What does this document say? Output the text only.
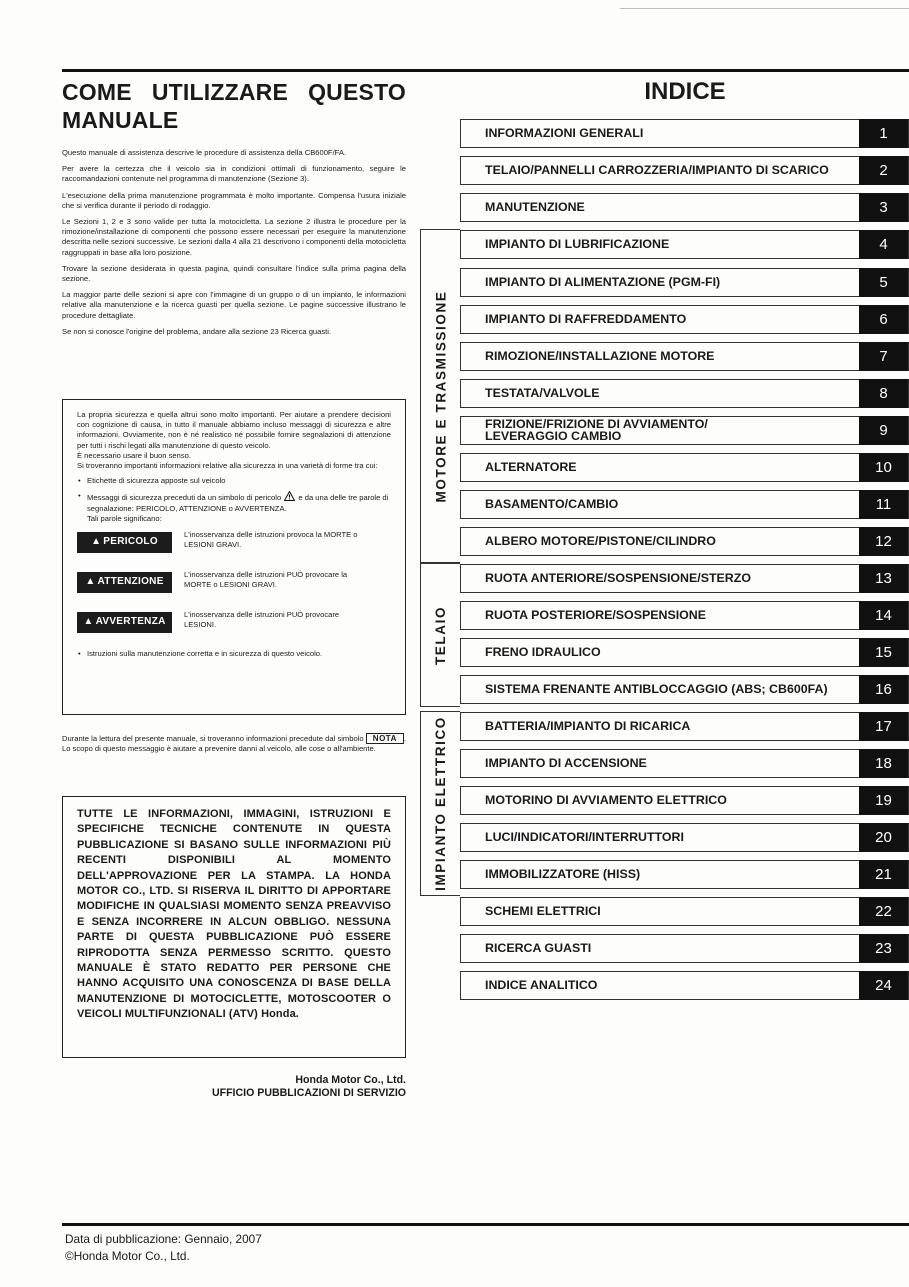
COME UTILIZZARE QUESTO MANUALE

Questo manuale di assistenza descrive le procedure di assistenza della CB600F/FA.

Per avere la certezza che il veicolo sia in condizioni ottimali di funzionamento, seguire le raccomandazioni contenute nel programma di manutenzione (Sezione 3).

L'esecuzione della prima manutenzione programmata è molto importante. Compensa l'usura iniziale che si verifica durante il periodo di rodaggio.

Le Sezioni 1, 2 e 3 sono valide per tutta la motocicletta. La sezione 2 illustra le procedure per la rimozione/installazione di componenti che possono essere necessari per eseguire la manutenzione descritta nelle sezioni successive. Le sezioni dalla 4 alla 21 descrivono i componenti della motocicletta raggruppati in base alla loro posizione.

Trovare la sezione desiderata in questa pagina, quindi consultare l'indice sulla prima pagina della sezione.

La maggior parte delle sezioni si apre con l'immagine di un gruppo o di un impianto, le informazioni relative alla manutenzione e la ricerca guasti per quella sezione. Le pagine successive illustrano le procedure dettagliate.

Se non si conosce l'origine del problema, andare alla sezione 23 Ricerca guasti.

La propria sicurezza e quella altrui sono molto importanti. Per aiutare a prendere decisioni con cognizione di causa, in tutto il manuale abbiamo incluso messaggi di sicurezza e altre informazioni. Ovviamente, non è né realistico né possibile fornire segnalazioni di attenzione per tutti i rischi legati alla manutenzione di questo veicolo.

È necessario usare il buon senso.

Si troveranno importanti informazioni relative alla sicurezza in una varietà di forme tra cui:

• Etichette di sicurezza apposte sul veicolo
• Messaggi di sicurezza preceduti da un simbolo di pericolo e da una delle tre parole di segnalazione: PERICOLO, ATTENZIONE o AVVERTENZA.
Tali parole significano:
▲ PERICOLO
L'inosservanza delle istruzioni provoca la MORTE o LESIONI GRAVI.
▲ ATTENZIONE
L'inosservanza delle istruzioni PUÒ provocare la MORTE o LESIONI GRAVI.
▲ AVVERTENZA
L'inosservanza delle istruzioni PUÒ provocare LESIONI.
• Istruzioni sulla manutenzione corretta e in sicurezza di questo veicolo.
Durante la lettura del presente manuale, si troveranno informazioni precedute dal simbolo NOTA . Lo scopo di questo messaggio è aiutare a prevenire danni al veicolo, alle cose o all'ambiente.
TUTTE LE INFORMAZIONI, IMMAGINI, ISTRUZIONI E SPECIFICHE TECNICHE CONTENUTE IN QUESTA PUBBLICAZIONE SI BASANO SULLE INFORMAZIONI PIÙ RECENTI DISPONIBILI AL MOMENTO DELL'APPROVAZIONE PER LA STAMPA. LA HONDA MOTOR CO., LTD. SI RISERVA IL DIRITTO DI APPORTARE MODIFICHE IN QUALSIASI MOMENTO SENZA PREAVVISO E SENZA INCORRERE IN ALCUN OBBLIGO. NESSUNA PARTE DI QUESTA PUBBLICAZIONE PUÒ ESSERE RIPRODOTTA SENZA PERMESSO SCRITTO. QUESTO MANUALE È STATO REDATTO PER PERSONE CHE HANNO ACQUISITO UNA CONOSCENZA DI BASE DELLA MANUTENZIONE DI MOTOCICLETTE, MOTOSCOOTER O VEICOLI MULTIFUNZIONALI (ATV) Honda.
Honda Motor Co., Ltd.
UFFICIO PUBBLICAZIONI DI SERVIZIO
INDICE
MOTORE E TRASMISSIONE
TELAIO
IMPIANTO ELETTRICO
INFORMAZIONI GENERALI	1
TELAIO/PANNELLI CARROZZERIA/IMPIANTO DI SCARICO	2
MANUTENZIONE	3
IMPIANTO DI LUBRIFICAZIONE	4
IMPIANTO DI ALIMENTAZIONE (PGM-FI)	5
IMPIANTO DI RAFFREDDAMENTO	6
RIMOZIONE/INSTALLAZIONE MOTORE	7
TESTATA/VALVOLE	8
FRIZIONE/FRIZIONE DI AVVIAMENTO/
LEVERAGGIO CAMBIO	9
ALTERNATORE	10
BASAMENTO/CAMBIO	11
ALBERO MOTORE/PISTONE/CILINDRO	12
RUOTA ANTERIORE/SOSPENSIONE/STERZO	13
RUOTA POSTERIORE/SOSPENSIONE	14
FRENO IDRAULICO	15
SISTEMA FRENANTE ANTIBLOCCAGGIO (ABS; CB600FA)	16
BATTERIA/IMPIANTO DI RICARICA	17
IMPIANTO DI ACCENSIONE	18
MOTORINO DI AVVIAMENTO ELETTRICO	19
LUCI/INDICATORI/INTERRUTTORI	20
IMMOBILIZZATORE (HISS)	21
SCHEMI ELETTRICI	22
RICERCA GUASTI	23
INDICE ANALITICO	24
Data di pubblicazione: Gennaio, 2007
©Honda Motor Co., Ltd.
